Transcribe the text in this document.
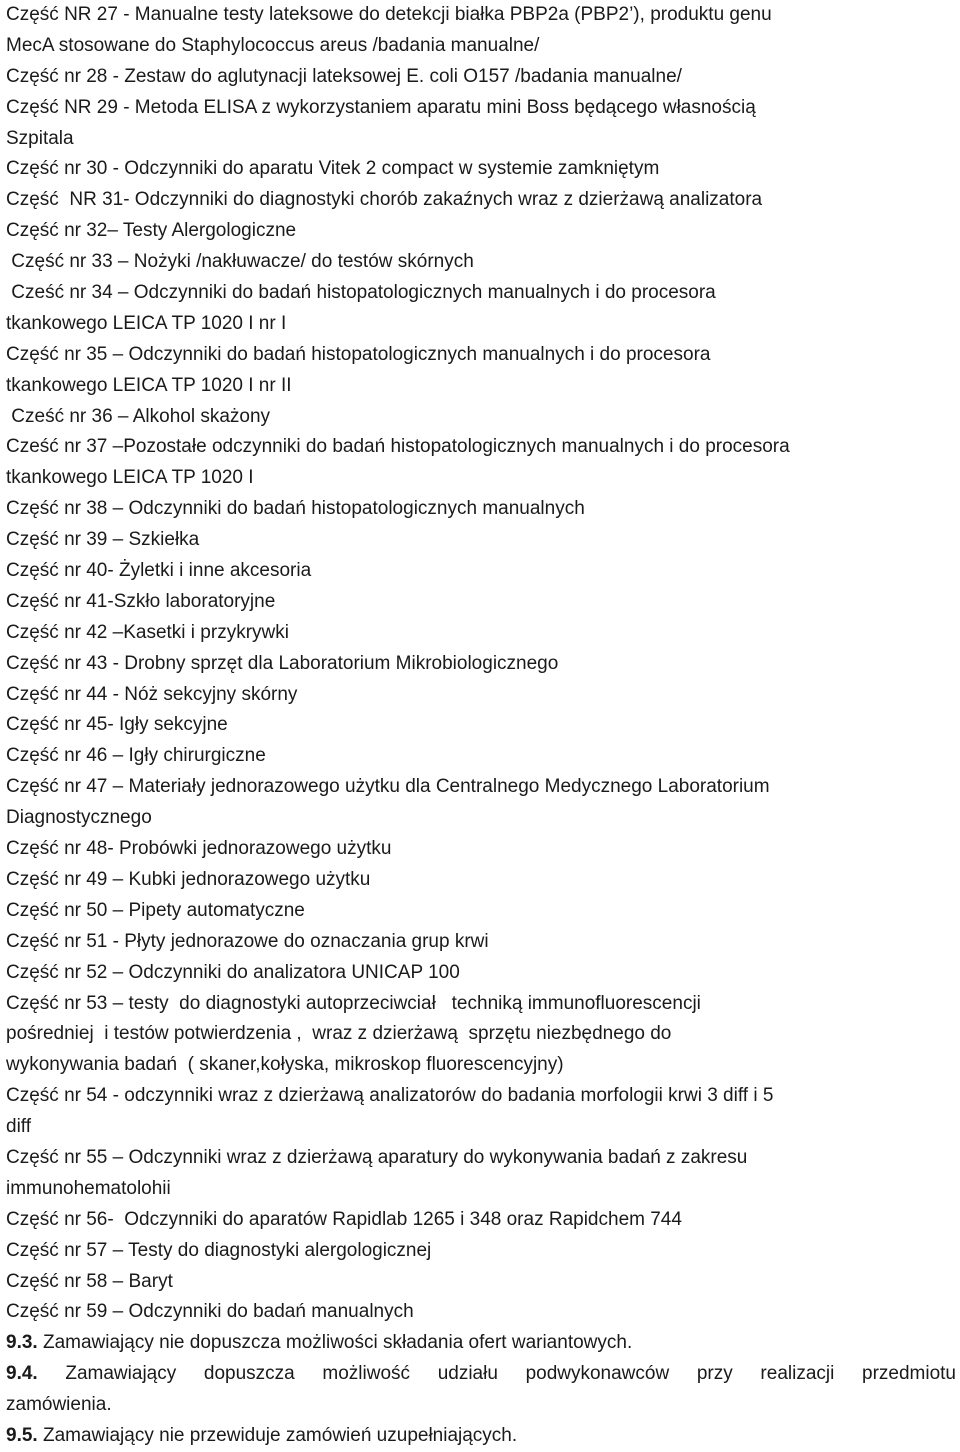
Część NR 27 - Manualne testy lateksowe do detekcji białka PBP2a (PBP2’), produktu genu
MecA stosowane do Staphylococcus areus /badania manualne/
Część nr 28 - Zestaw do aglutynacji lateksowej E. coli O157 /badania manualne/
Część NR 29 - Metoda ELISA z wykorzystaniem aparatu mini Boss będącego własnością
Szpitala
Część nr 30 - Odczynniki do aparatu Vitek 2 compact w systemie zamkniętym
Część  NR 31- Odczynniki do diagnostyki chorób zakaźnych wraz z dzierżawą analizatora
Część nr 32– Testy Alergologiczne
Część nr 33 – Nożyki /nakłuwacze/ do testów skórnych
Cześć nr 34 – Odczynniki do badań histopatologicznych manualnych i do procesora
tkankowego LEICA TP 1020 I nr I
Część nr 35 – Odczynniki do badań histopatologicznych manualnych i do procesora
tkankowego LEICA TP 1020 I nr II
Cześć nr 36 – Alkohol skażony
Cześć nr 37 –Pozostałe odczynniki do badań histopatologicznych manualnych i do procesora
tkankowego LEICA TP 1020 I
Część nr 38 – Odczynniki do badań histopatologicznych manualnych
Część nr 39 – Szkiełka
Część nr 40- Żyletki i inne akcesoria
Część nr 41-Szkło laboratoryjne
Część nr 42 –Kasetki i przykrywki
Część nr 43 - Drobny sprzęt dla Laboratorium Mikrobiologicznego
Część nr 44 - Nóż sekcyjny skórny
Część nr 45- Igły sekcyjne
Część nr 46 – Igły chirurgiczne
Część nr 47 – Materiały jednorazowego użytku dla Centralnego Medycznego Laboratorium
Diagnostycznego
Część nr 48- Probówki jednorazowego użytku
Część nr 49 – Kubki jednorazowego użytku
Część nr 50 – Pipety automatyczne
Część nr 51 - Płyty jednorazowe do oznaczania grup krwi
Część nr 52 – Odczynniki do analizatora UNICAP 100
Część nr 53 – testy  do diagnostyki autoprzeciwciał   techniką immunofluorescencji
pośredniej  i testów potwierdzenia ,  wraz z dzierżawą  sprzętu niezbędnego do
wykonywania badań  ( skaner,kołyska, mikroskop fluorescencyjny)
Część nr 54 - odczynniki wraz z dzierżawą analizatorów do badania morfologii krwi 3 diff i 5
diff
Część nr 55 – Odczynniki wraz z dzierżawą aparatury do wykonywania badań z zakresu
immunohematolohii
Część nr 56-  Odczynniki do aparatów Rapidlab 1265 i 348 oraz Rapidchem 744
Część nr 57 – Testy do diagnostyki alergologicznej
Część nr 58 – Baryt
Część nr 59 – Odczynniki do badań manualnych
9.3. Zamawiający nie dopuszcza możliwości składania ofert wariantowych.
9.4. Zamawiający dopuszcza możliwość udziału podwykonawców przy realizacji przedmiotu
zamówienia.
9.5. Zamawiający nie przewiduje zamówień uzupełniających.
